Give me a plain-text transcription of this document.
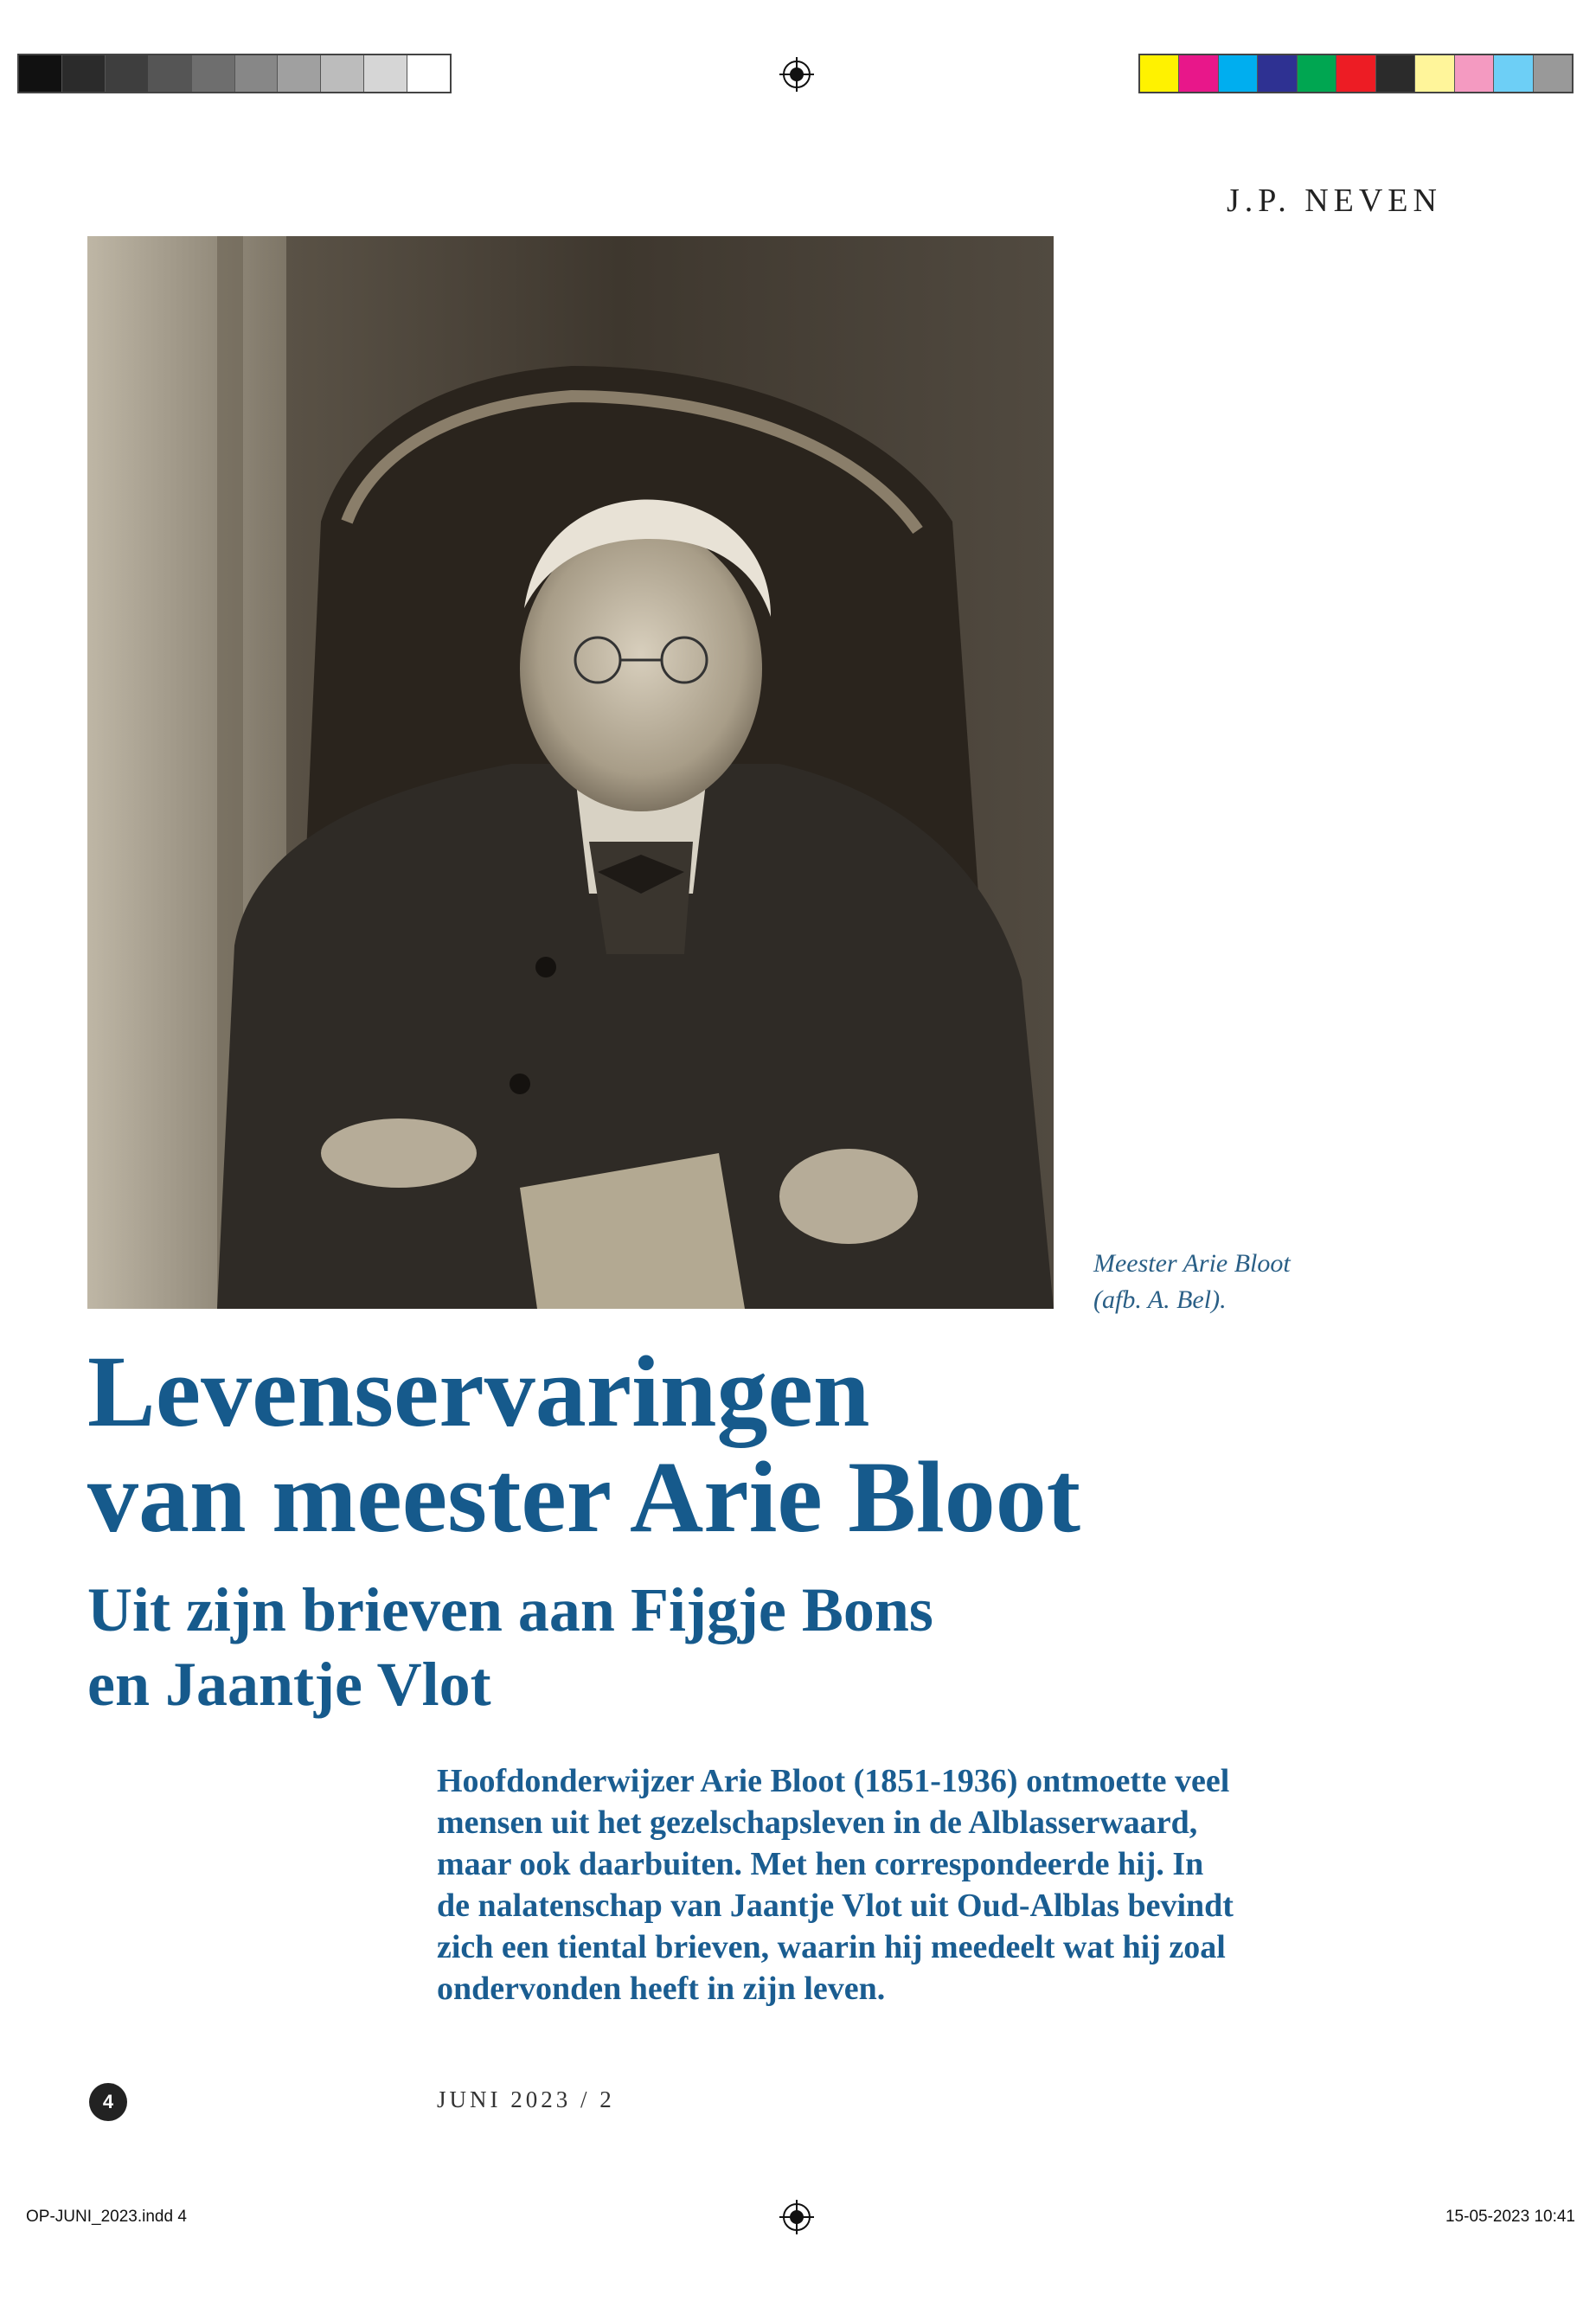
OP-JUNI_2023.indd 4	15-05-2023 10:41
J.P. NEVEN
Meester Arie Bloot
(afb. A. Bel).
Levenservaringen
van meester Arie Bloot
Uit zijn brieven aan Fijgje Bons
en Jaantje Vlot
Hoofdonderwijzer Arie Bloot (1851-1936) ontmoette veel
mensen uit het gezelschapsleven in de Alblasserwaard,
maar ook daarbuiten. Met hen correspondeerde hij. In
de nalatenschap van Jaantje Vlot uit Oud-Alblas bevindt
zich een tiental brieven, waarin hij meedeelt wat hij zoal
ondervonden heeft in zijn leven.
4	JUNI 2023 / 2
